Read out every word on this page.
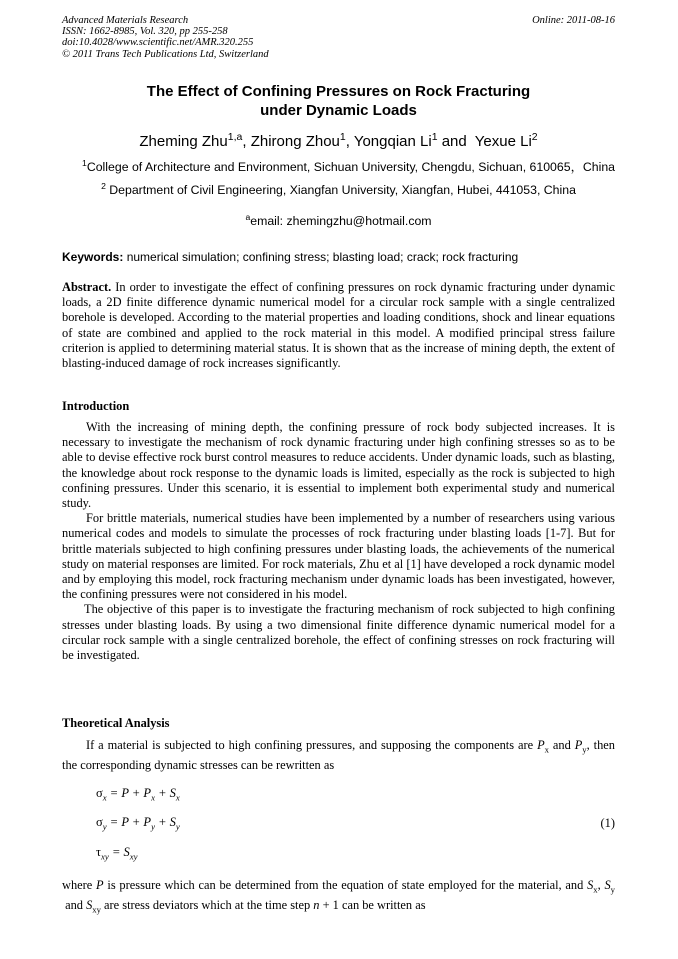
Advanced Materials Research
ISSN: 1662-8985, Vol. 320, pp 255-258
doi:10.4028/www.scientific.net/AMR.320.255
© 2011 Trans Tech Publications Ltd, Switzerland
Online: 2011-08-16
The Effect of Confining Pressures on Rock Fracturing
under Dynamic Loads
Zheming Zhu$^{1,a}$, Zhirong Zhou$^1$, Yongqian Li$^1$ and  Yexue Li$^2$
$^1$College of Architecture and Environment, Sichuan University, Chengdu, Sichuan, 610065，China
$^2$ Department of Civil Engineering, Xiangfan University, Xiangfan, Hubei, 441053, China
$^a$email: zhemingzhu@hotmail.com
Keywords: numerical simulation; confining stress; blasting load; crack; rock fracturing

Abstract. In order to investigate the effect of confining pressures on rock dynamic fracturing under dynamic loads, a 2D finite difference dynamic numerical model for a circular rock sample with a single centralized borehole is developed. According to the material properties and loading conditions, shock and linear equations of state are combined and applied to the rock material in this model. A modified principal stress failure criterion is applied to determining material status. It is shown that as the increase of mining depth, the extent of blasting-induced damage of rock increases significantly.

Introduction

With the increasing of mining depth, the confining pressure of rock body subjected increases. It is necessary to investigate the mechanism of rock dynamic fracturing under high confining stresses so as to be able to devise effective rock burst control measures to reduce accidents. Under dynamic loads, such as blasting, the knowledge about rock response to the dynamic loads is limited, especially as the rock is subjected to high confining pressures. Under this scenario, it is essential to implement both experimental study and numerical study.

For brittle materials, numerical studies have been implemented by a number of researchers using various numerical codes and models to simulate the processes of rock fracturing under blasting loads [1-7]. But for brittle materials subjected to high confining pressures under blasting loads, the achievements of the numerical study on material responses are limited. For rock materials, Zhu et al [1] have developed a rock dynamic model and by employing this model, rock fracturing mechanism under dynamic loads has been investigated, however, the confining pressures were not considered in his model.

The objective of this paper is to investigate the fracturing mechanism of rock subjected to high confining stresses under blasting loads. By using a two dimensional finite difference dynamic numerical model for a circular rock sample with a single centralized borehole, the effect of confining stresses on rock fracturing will be investigated.

Theoretical Analysis

If a material is subjected to high confining pressures, and supposing the components are $P_x$ and $P_y$, then the corresponding dynamic stresses can be rewritten as

$\sigma_x = P + P_x + S_x$
$\sigma_y = P + P_y + S_y$
$\tau_{xy} = S_{xy}$
(1)

where P is pressure which can be determined from the equation of state employed for the material, and $S_x$, $S_y$ and $S_{xy}$ are stress deviators which at the time step n + 1 can be written as
